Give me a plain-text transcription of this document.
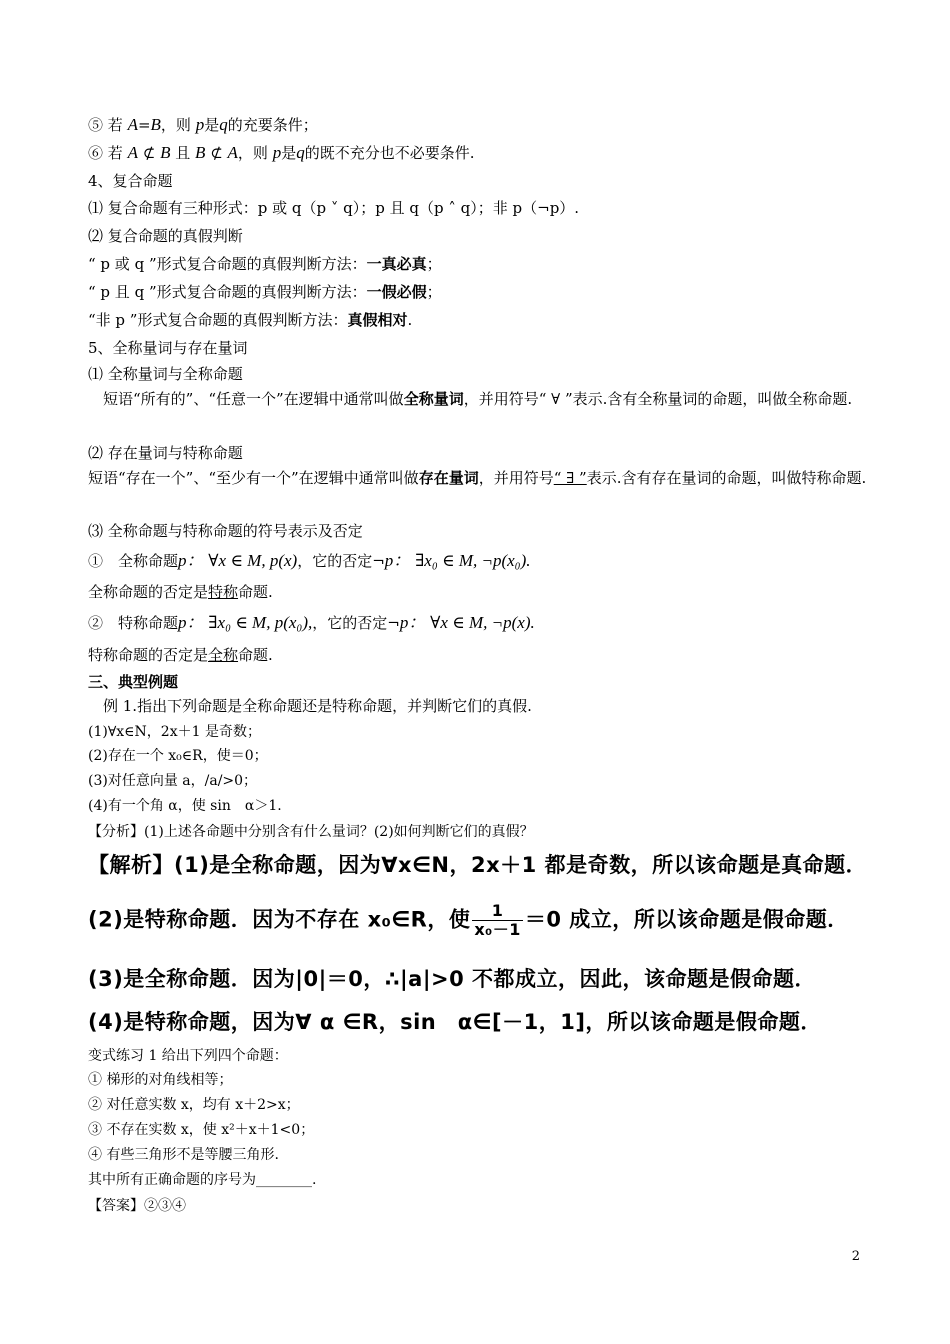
⑤ 若 A=B，则 p是q的充要条件；
⑥ 若 A ⊄ B 且 B ⊄ A，则 p是q的既不充分也不必要条件.
4、复合命题
⑴ 复合命题有三种形式：p 或 q（p ˅ q）；p 且 q（p ˄ q）；非 p（¬p）.
⑵ 复合命题的真假判断
“ p 或 q ”形式复合命题的真假判断方法：一真必真；
“ p 且 q ”形式复合命题的真假判断方法：一假必假；
“非 p ”形式复合命题的真假判断方法：真假相对.
5、全称量词与存在量词
⑴ 全称量词与全称命题
　短语“所有的”、“任意一个”在逻辑中通常叫做全称量词，并用符号“ ∀ ”表示.含有全称量词的命题，叫做全称命题.
⑵ 存在量词与特称命题
短语“存在一个”、“至少有一个”在逻辑中通常叫做存在量词，并用符号“ ∃ ”表示.含有存在量词的命题，叫做特称命题.
⑶ 全称命题与特称命题的符号表示及否定
①　全称命题p： ∀x ∈ M, p(x)，它的否定¬p： ∃x₀ ∈ M, ¬p(x₀).
全称命题的否定是特称命题.
②　特称命题p： ∃x₀ ∈ M, p(x₀),，它的否定¬p： ∀x ∈ M, ¬p(x).
特称命题的否定是全称命题.
三、典型例题
　例 1.指出下列命题是全称命题还是特称命题，并判断它们的真假.
(1)∀x∈N，2x＋1 是奇数；
(2)存在一个 x₀∈R，使＝0；
(3)对任意向量 a，/a/>0；
(4)有一个角 α，使 sin　α＞1.
【分析】(1)上述各命题中分别含有什么量词？(2)如何判断它们的真假？
【解析】(1)是全称命题，因为∀x∈N，2x＋1 都是奇数，所以该命题是真命题．
(2)是特称命题．因为不存在 x₀∈R，使 $\frac{1}{\text{x₀－1}} =0$ 成立，所以该命题是假命题．
(3)是全称命题．因为|0|＝0，∴|a|>0 不都成立，因此，该命题是假命题．
(4)是特称命题，因为∀ α ∈R，sin　α∈[－1，1]，所以该命题是假命题．
变式练习 1 给出下列四个命题：
① 梯形的对角线相等；
② 对任意实数 x，均有 x＋2>x；
③ 不存在实数 x，使 x²＋x＋1<0；
④ 有些三角形不是等腰三角形.
其中所有正确命题的序号为________.
【答案】②③④
2
